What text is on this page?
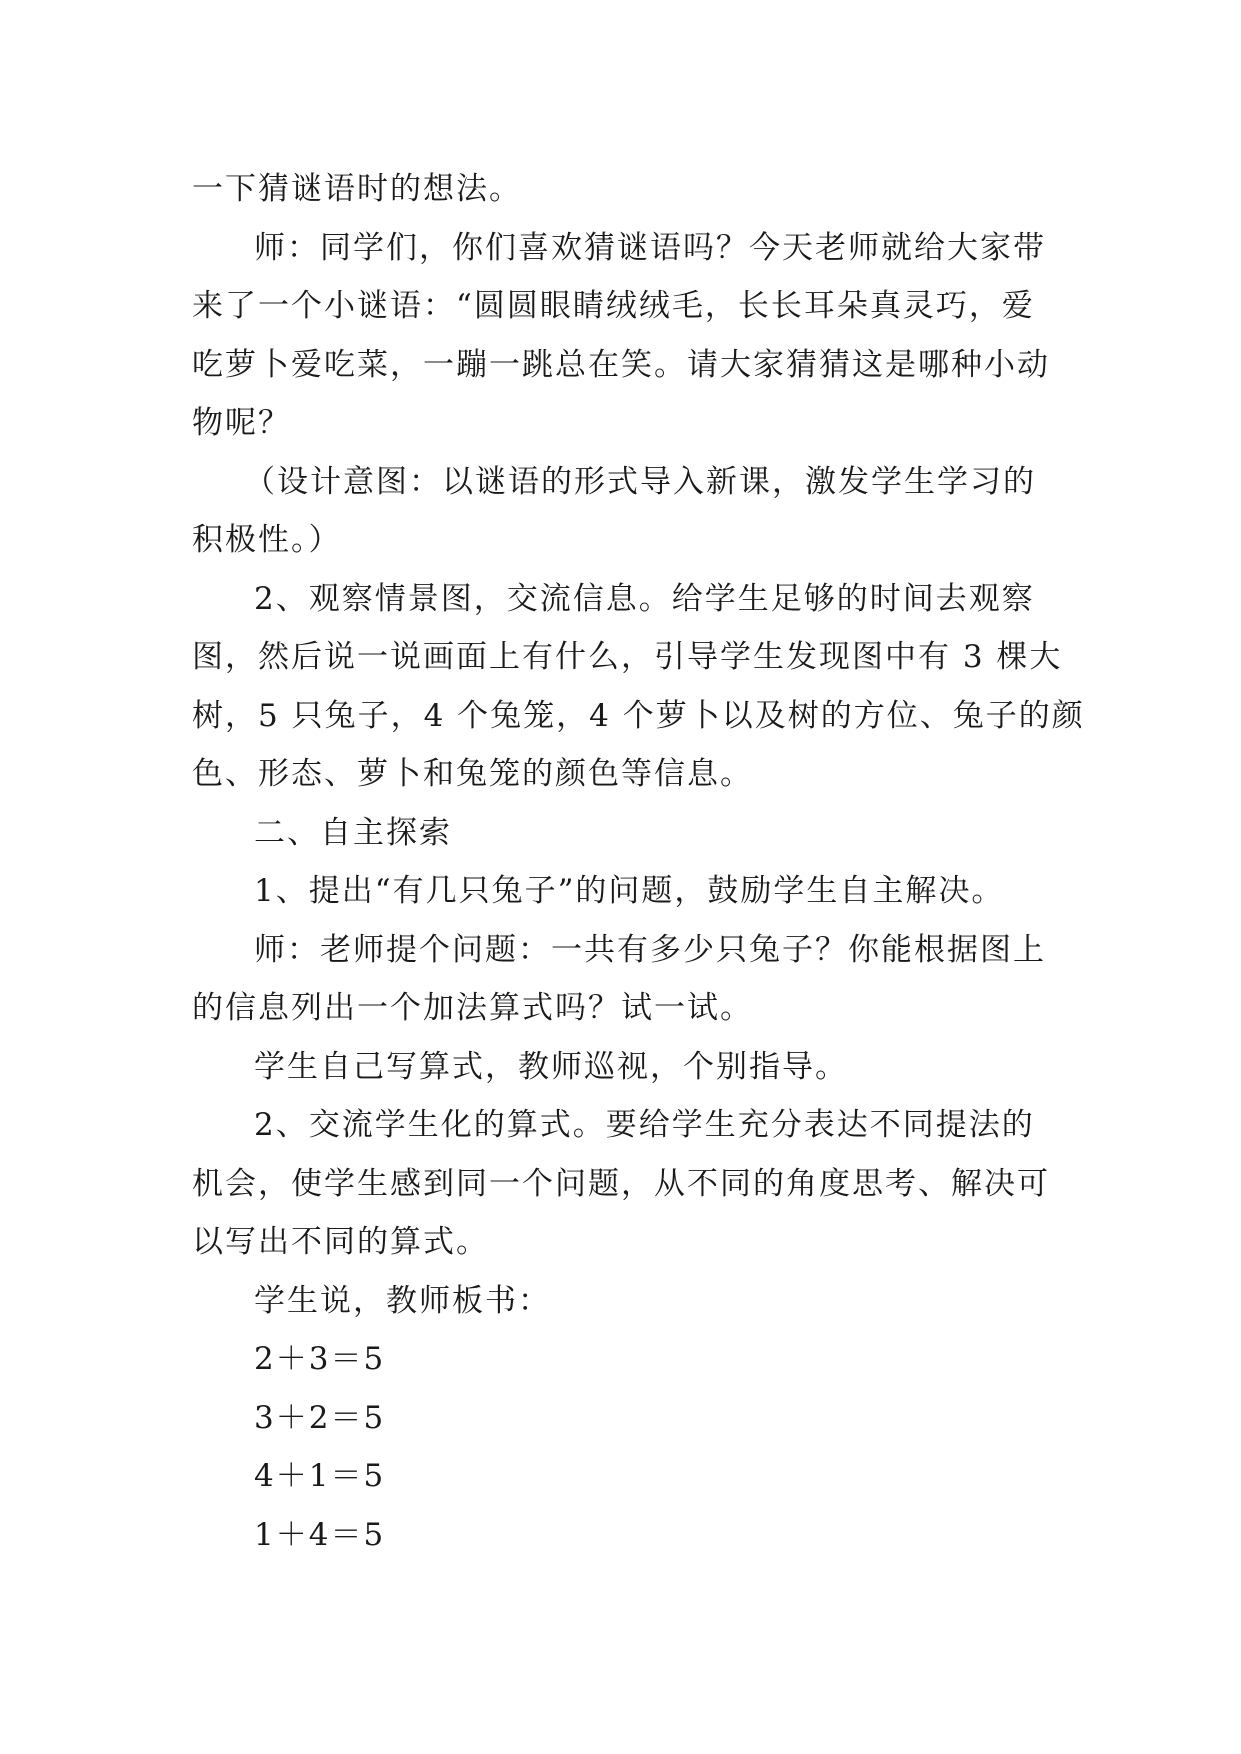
一下猜谜语时的想法。
师：同学们，你们喜欢猜谜语吗？今天老师就给大家带
来了一个小谜语：“圆圆眼睛绒绒毛，长长耳朵真灵巧，爱
吃萝卜爱吃菜，一蹦一跳总在笑。请大家猜猜这是哪种小动
物呢？
（设计意图：以谜语的形式导入新课，激发学生学习的
积极性。）
2、观察情景图，交流信息。给学生足够的时间去观察
图，然后说一说画面上有什么，引导学生发现图中有 3 棵大
树，5 只兔子，4 个兔笼，4 个萝卜以及树的方位、兔子的颜
色、形态、萝卜和兔笼的颜色等信息。
二、自主探索
1、提出“有几只兔子”的问题，鼓励学生自主解决。
师：老师提个问题：一共有多少只兔子？你能根据图上
的信息列出一个加法算式吗？试一试。
学生自己写算式，教师巡视，个别指导。
2、交流学生化的算式。要给学生充分表达不同提法的
机会，使学生感到同一个问题，从不同的角度思考、解决可
以写出不同的算式。
学生说，教师板书：
2＋3＝5
3＋2＝5
4＋1＝5
1＋4＝5
